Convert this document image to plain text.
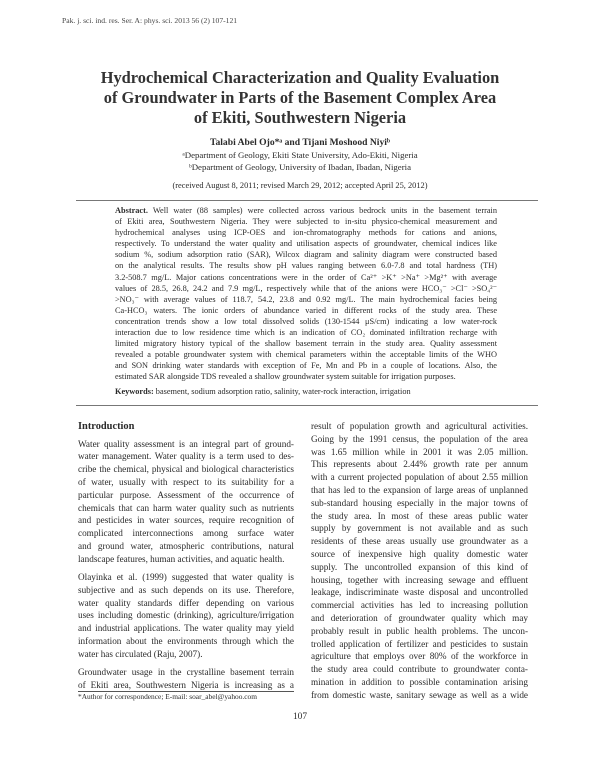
Pak. j. sci. ind. res. Ser. A: phys. sci. 2013 56 (2) 107-121
Hydrochemical Characterization and Quality Evaluation
of Groundwater in Parts of the Basement Complex Area
of Ekiti, Southwestern Nigeria
Talabi Abel Ojo*ᵃ and Tijani Moshood Niyiᵇ
ᵃDepartment of Geology, Ekiti State University, Ado-Ekiti, Nigeria
ᵇDepartment of Geology, University of Ibadan, Ibadan, Nigeria
(received August 8, 2011; revised March 29, 2012; accepted April 25, 2012)
Abstract. Well water (88 samples) were collected across various bedrock units in the basement terrain
of Ekiti area, Southwestern Nigeria. They were subjected to in-situ physico-chemical measurement and
hydrochemical analyses using ICP-OES and ion-chromatography methods for cations and anions,
respectively. To understand the water quality and utilisation aspects of groundwater, chemical indices like
sodium %, sodium adsorption ratio (SAR), Wilcox diagram and salinity diagram were constructed based
on the analytical results. The results show pH values ranging between 6.0-7.8 and total hardness (TH)
3.2-508.7 mg/L. Major cations concentrations were in the order of Ca²⁺ >K⁺ >Na⁺ >Mg²⁺ with average
values of 28.5, 26.8, 24.2 and 7.9 mg/L, respectively while that of the anions were HCO₃⁻ >Cl⁻ >SO₄²⁻
>NO₃⁻ with average values of 118.7, 54.2, 23.8 and 0.92 mg/L. The main hydrochemical facies being
Ca-HCO₃ waters. The ionic orders of abundance varied in different rocks of the study area. These
concentration trends show a low total dissolved solids (130-1544 μS/cm) indicating a low water-rock
interaction due to low residence time which is an indication of CO₂ dominated infiltration recharge with
limited migratory history typical of the shallow basement terrain in the study area. Quality assessment
revealed a potable groundwater system with chemical parameters within the acceptable limits of the WHO
and SON drinking water standards with exception of Fe, Mn and Pb in a couple of locations. Also, the
estimated SAR alongside TDS revealed a shallow groundwater system suitable for irrigation purposes.
Keywords: basement, sodium adsorption ratio, salinity, water-rock interaction, irrigation
Introduction
Water quality assessment is an integral part of ground-
water management. Water quality is a term used to des-
cribe the chemical, physical and biological characteristics
of water, usually with respect to its suitability for a
particular purpose. Assessment of the occurrence of
chemicals that can harm water quality such as nutrients
and pesticides in water sources, require recognition of
complicated interconnections among surface water
and ground water, atmospheric contributions, natural
landscape features, human activities, and aquatic health.
Olayinka et al. (1999) suggested that water quality is
subjective and as such depends on its use. Therefore,
water quality standards differ depending on various
uses including domestic (drinking), agriculture/irrigation
and industrial applications. The water quality may yield
information about the environments through which the
water has circulated (Raju, 2007).
Groundwater usage in the crystalline basement terrain
of Ekiti area, Southwestern Nigeria is increasing as a
result of population growth and agricultural activities.
Going by the 1991 census, the population of the area
was 1.65 million while in 2001 it was 2.05 million.
This represents about 2.44% growth rate per annum
with a current projected population of about 2.55 million
that has led to the expansion of large areas of unplanned
sub-standard housing especially in the major towns of
the study area. In most of these areas public water
supply by government is not available and as such
residents of these areas usually use groundwater as a
source of inexpensive high quality domestic water
supply. The uncontrolled expansion of this kind of
housing, together with increasing sewage and effluent
leakage, indiscriminate waste disposal and uncontrolled
commercial activities has led to increasing pollution
and deterioration of groundwater quality which may
probably result in public health problems. The uncon-
trolled application of fertilizer and pesticides to sustain
agriculture that employs over 80% of the workforce in
the study area could contribute to groundwater conta-
mination in addition to possible contamination arising
from domestic waste, sanitary sewage as well as a wide
*Author for correspondence; E-mail: soar_abel@yahoo.com
107
